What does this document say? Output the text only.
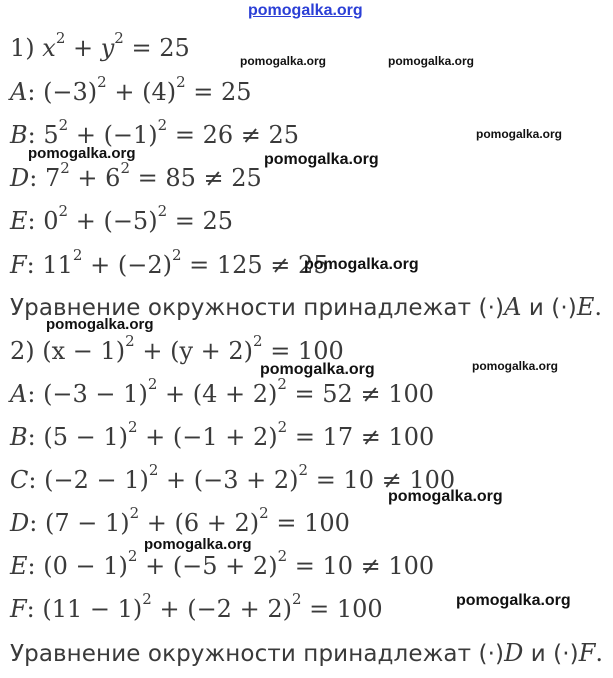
pomogalka.org
1) $x^2 + y^2 = 25$
A: $(-3)^2 + (4)^2 = 25$
B: $5^2 + (-1)^2 = 26 \ne 25$
D: $7^2 + 6^2 = 85 \ne 25$
E: $0^2 + (-5)^2 = 25$
F: $11^2 + (-2)^2 = 125 \ne 25$
Уравнение окружности принадлежат (·)A и (·)E.
2) $(x - 1)^2 + (y + 2)^2 = 100$
A: $(-3 - 1)^2 + (4 + 2)^2 = 52 \ne 100$
B: $(5 - 1)^2 + (-1 + 2)^2 = 17 \ne 100$
C: $(-2 - 1)^2 + (-3 + 2)^2 = 10 \ne 100$
D: $(7 - 1)^2 + (6 + 2)^2 = 100$
E: $(0 - 1)^2 + (-5 + 2)^2 = 10 \ne 100$
F: $(11 - 1)^2 + (-2 + 2)^2 = 100$
Уравнение окружности принадлежат (·)D и (·)F.
pomogalka.org	pomogalka.org
pomogalka.org
pomogalka.org	pomogalka.org
pomogalka.org
pomogalka.org
pomogalka.org	pomogalka.org
pomogalka.org
pomogalka.org
pomogalka.org
